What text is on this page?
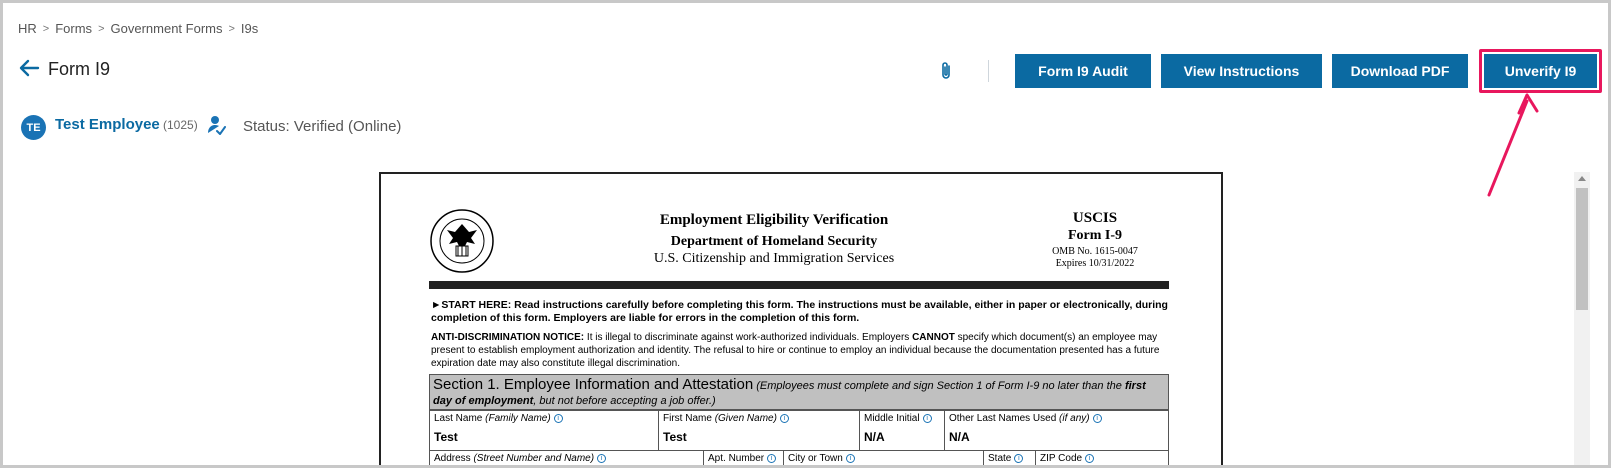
HR > Forms > Government Forms > I9s
Form I9	Form I9 Audit	View Instructions	Download PDF	Unverify I9
TE Test Employee (1025)	Status: Verified (Online)
Employment Eligibility Verification
Department of Homeland Security
U.S. Citizenship and Immigration Services
USCIS
Form I-9
OMB No. 1615-0047
Expires 10/31/2022
►START HERE: Read instructions carefully before completing this form. The instructions must be available, either in paper or electronically, during completion of this form. Employers are liable for errors in the completion of this form.
ANTI-DISCRIMINATION NOTICE: It is illegal to discriminate against work-authorized individuals. Employers CANNOT specify which document(s) an employee may present to establish employment authorization and identity. The refusal to hire or continue to employ an individual because the documentation presented has a future expiration date may also constitute illegal discrimination.
Section 1. Employee Information and Attestation (Employees must complete and sign Section 1 of Form I-9 no later than the first day of employment, but not before accepting a job offer.)
Last Name (Family Name) i
Test
First Name (Given Name) i
Test
Middle Initial i
N/A
Other Last Names Used (if any) i
N/A
Address (Street Number and Name) i	Apt. Number i	City or Town i	State i	ZIP Code i
